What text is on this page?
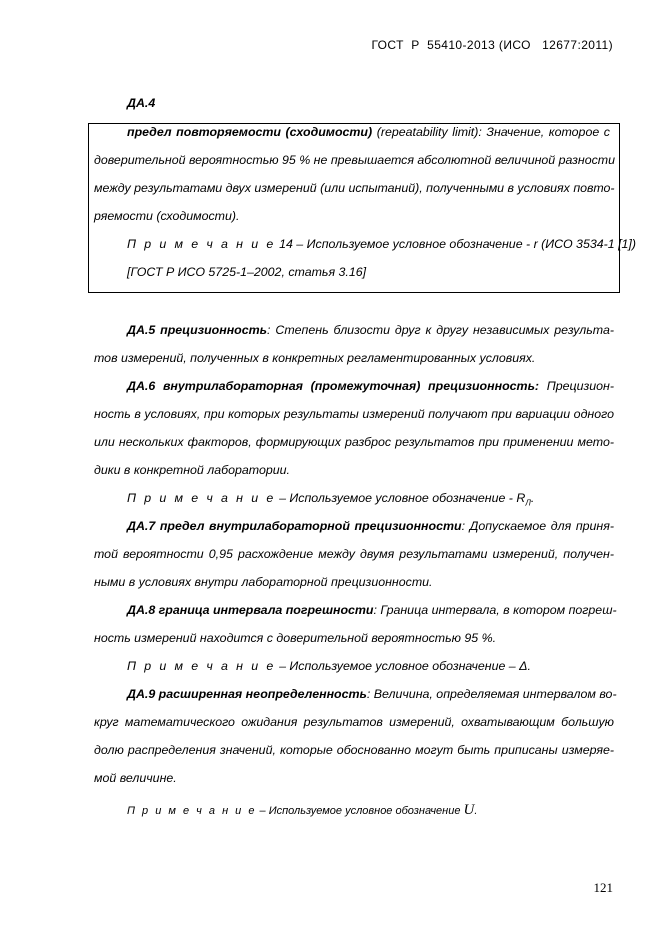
ГОСТ  Р  55410-2013 (ИСО   12677:2011)
ДА.4
предел повторяемости (сходимости) (repeatability limit): Значение, которое с
доверительной вероятностью 95 % не превышается абсолютной величиной разности
между результатами двух измерений (или испытаний), полученными в условиях повто-
ряемости (сходимости).
П р и м е ч а н и е 14 – Используемое условное обозначение - r (ИСО 3534-1 [1])
[ГОСТ Р ИСО 5725-1–2002, статья 3.16]
ДА.5 прецизионность: Степень близости друг к другу независимых результа-
тов измерений, полученных в конкретных регламентированных условиях.
ДА.6 внутрилабораторная (промежуточная) прецизионность: Прецизион-
ность в условиях, при которых результаты измерений получают при вариации одного
или нескольких факторов, формирующих разброс результатов при применении мето-
дики в конкретной лаборатории.
П р и м е ч а н и е – Используемое условное обозначение - $R_Л$.
ДА.7 предел внутрилабораторной прецизионности: Допускаемое для приня-
той вероятности 0,95 расхождение между двумя результатами измерений, получен-
ными в условиях внутри лабораторной прецизионности.
ДА.8 граница интервала погрешности: Граница интервала, в котором погреш-
ность измерений находится с доверительной вероятностью 95 %.
П р и м е ч а н и е – Используемое условное обозначение – Δ.
ДА.9 расширенная неопределенность: Величина, определяемая интервалом во-
круг математического ожидания результатов измерений, охватывающим большую
долю распределения значений, которые обоснованно могут быть приписаны измеряе-
мой величине.
П р и м е ч а н и е – Используемое условное обозначение U.
121
